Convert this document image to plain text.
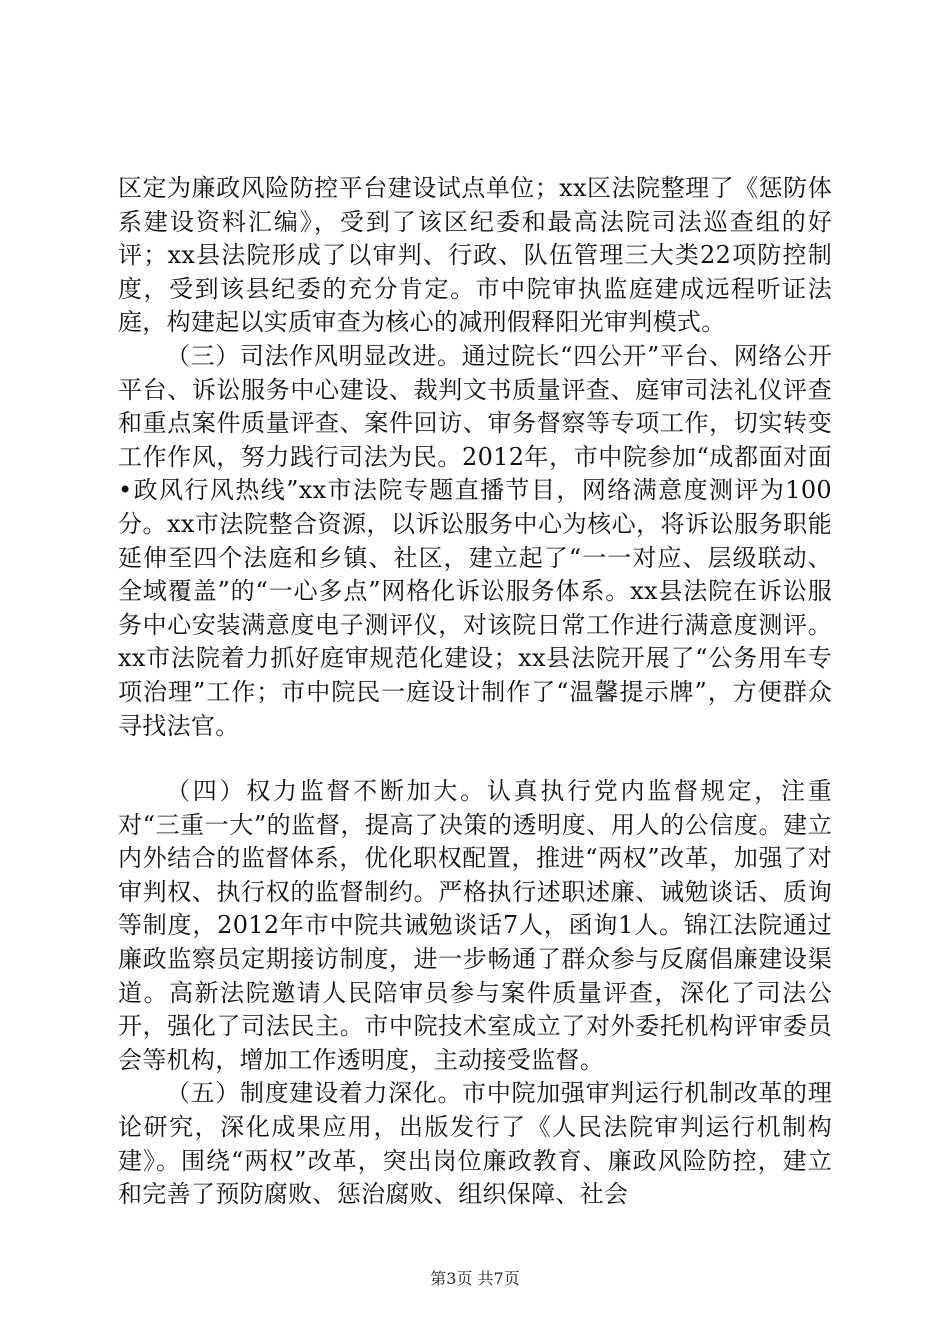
区定为廉政风险防控平台建设试点单位；xx区法院整理了《惩防体系建设资料汇编》，受到了该区纪委和最高法院司法巡查组的好评；xx县法院形成了以审判、行政、队伍管理三大类22项防控制度，受到该县纪委的充分肯定。市中院审执监庭建成远程听证法庭，构建起以实质审查为核心的减刑假释阳光审判模式。

（三）司法作风明显改进。通过院长“四公开”平台、网络公开平台、诉讼服务中心建设、裁判文书质量评查、庭审司法礼仪评查和重点案件质量评查、案件回访、审务督察等专项工作，切实转变工作作风，努力践行司法为民。2012年，市中院参加“成都面对面•政风行风热线”xx市法院专题直播节目，网络满意度测评为100分。xx市法院整合资源，以诉讼服务中心为核心，将诉讼服务职能延伸至四个法庭和乡镇、社区，建立起了“一一对应、层级联动、全域覆盖”的“一心多点”网格化诉讼服务体系。xx县法院在诉讼服务中心安装满意度电子测评仪，对该院日常工作进行满意度测评。xx市法院着力抓好庭审规范化建设；xx县法院开展了“公务用车专项治理”工作；市中院民一庭设计制作了“温馨提示牌”，方便群众寻找法官。

（四）权力监督不断加大。认真执行党内监督规定，注重对“三重一大”的监督，提高了决策的透明度、用人的公信度。建立内外结合的监督体系，优化职权配置，推进“两权”改革，加强了对审判权、执行权的监督制约。严格执行述职述廉、诫勉谈话、质询等制度，2012年市中院共诫勉谈话7人，函询1人。锦江法院通过廉政监察员定期接访制度，进一步畅通了群众参与反腐倡廉建设渠道。高新法院邀请人民陪审员参与案件质量评查，深化了司法公开，强化了司法民主。市中院技术室成立了对外委托机构评审委员会等机构，增加工作透明度，主动接受监督。

（五）制度建设着力深化。市中院加强审判运行机制改革的理论研究，深化成果应用，出版发行了《人民法院审判运行机制构建》。围绕“两权”改革，突出岗位廉政教育、廉政风险防控，建立和完善了预防腐败、惩治腐败、组织保障、社会

第3页 共7页
